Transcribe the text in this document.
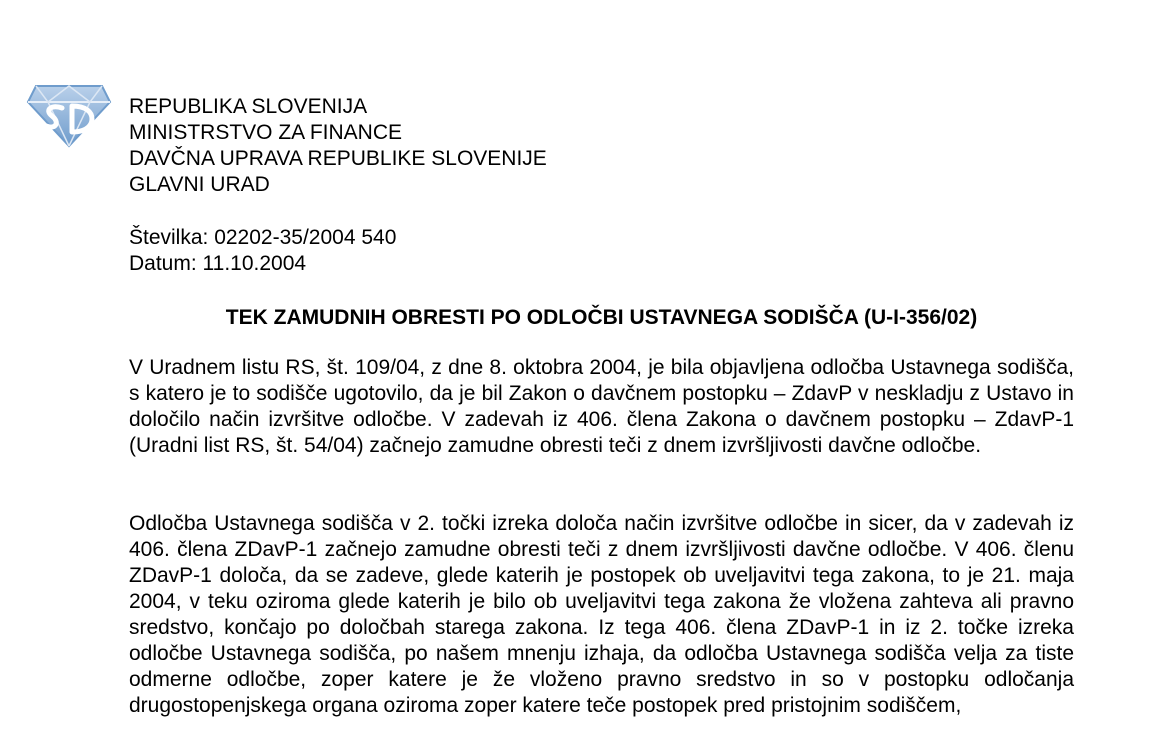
REPUBLIKA SLOVENIJA
MINISTRSTVO ZA FINANCE
DAVČNA UPRAVA REPUBLIKE SLOVENIJE
GLAVNI URAD
Številka: 02202-35/2004 540
Datum: 11.10.2004
TEK ZAMUDNIH OBRESTI PO ODLOČBI USTAVNEGA SODIŠČA (U-I-356/02)
V Uradnem listu RS, št. 109/04, z dne 8. oktobra 2004, je bila objavljena odločba Ustavnega sodišča, s katero je to sodišče ugotovilo, da je bil Zakon o davčnem postopku – ZdavP v neskladju z Ustavo in določilo način izvršitve odločbe. V zadevah iz 406. člena Zakona o davčnem postopku – ZdavP-1 (Uradni list RS, št. 54/04) začnejo zamudne obresti teči z dnem izvršljivosti davčne odločbe.
Odločba Ustavnega sodišča v 2. točki izreka določa način izvršitve odločbe in sicer, da v zadevah iz 406. člena ZDavP-1 začnejo zamudne obresti teči z dnem izvršljivosti davčne odločbe. V 406. členu ZDavP-1 določa, da se zadeve, glede katerih je postopek ob uveljavitvi tega zakona, to je 21. maja 2004, v teku oziroma glede katerih je bilo ob uveljavitvi tega zakona že vložena zahteva ali pravno sredstvo, končajo po določbah starega zakona. Iz tega 406. člena ZDavP-1 in iz 2. točke izreka odločbe Ustavnega sodišča, po našem mnenju izhaja, da odločba Ustavnega sodišča velja za tiste odmerne odločbe, zoper katere je že vloženo pravno sredstvo in so v postopku odločanja drugostopenjskega organa oziroma zoper katere teče postopek pred pristojnim sodiščem,
